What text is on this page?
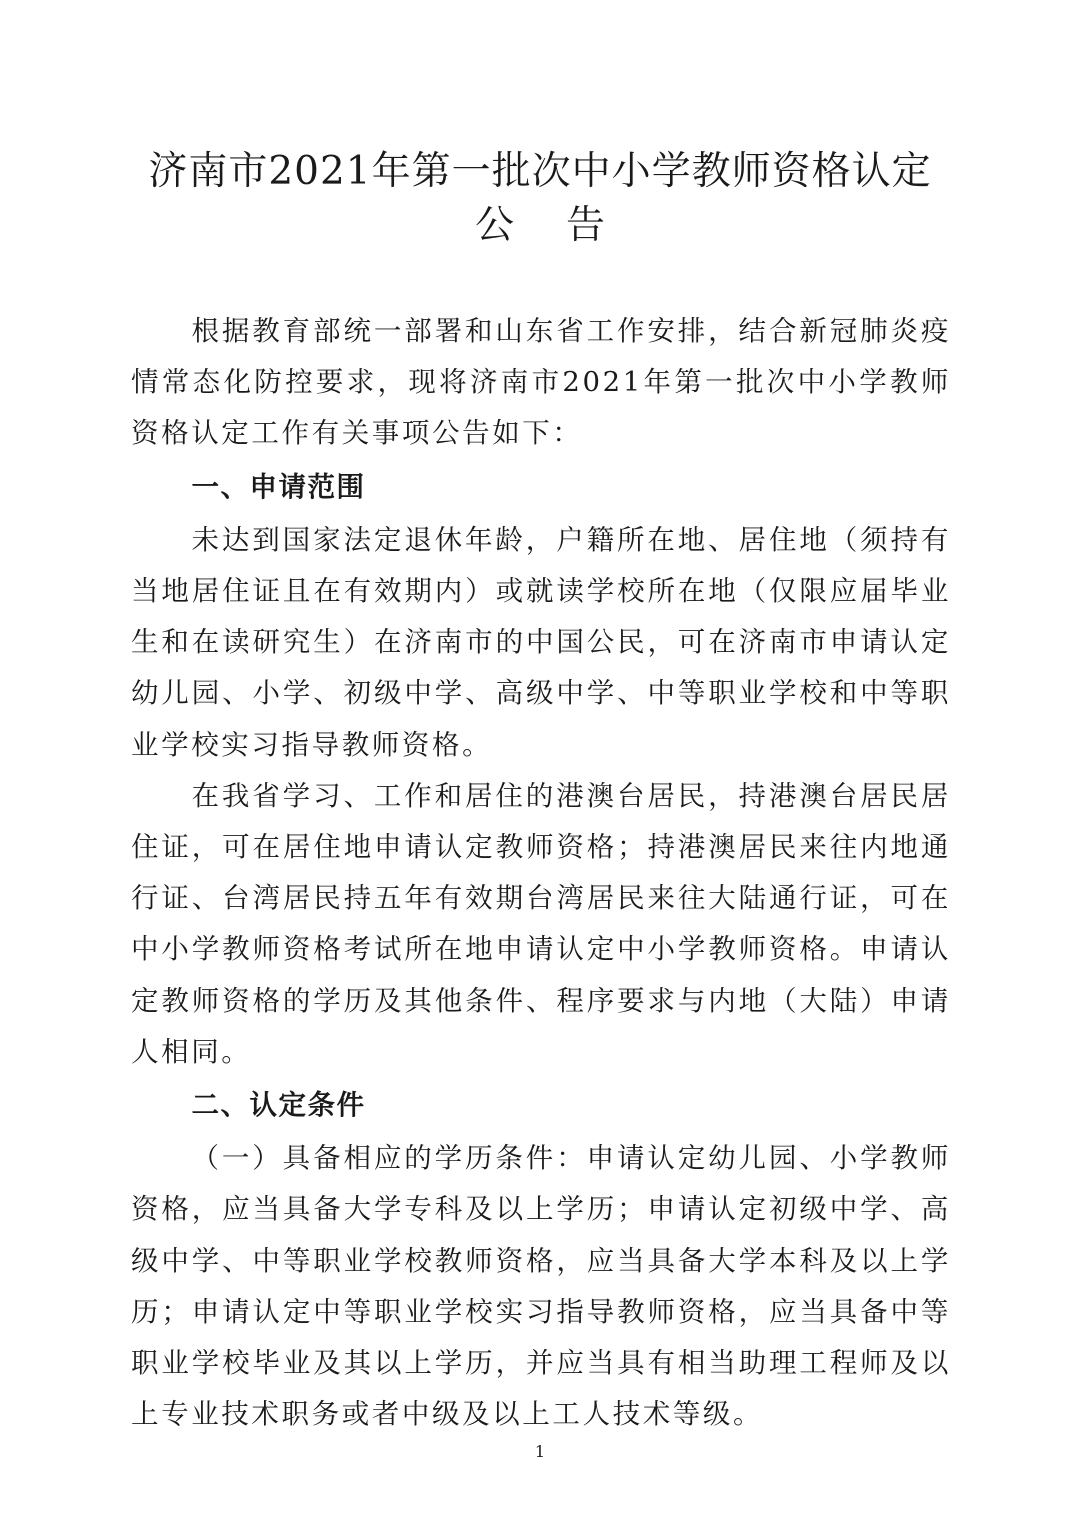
济南市2021年第一批次中小学教师资格认定
公 告

根据教育部统一部署和山东省工作安排，结合新冠肺炎疫情常态化防控要求，现将济南市2021年第一批次中小学教师资格认定工作有关事项公告如下：

一、申请范围

未达到国家法定退休年龄，户籍所在地、居住地（须持有当地居住证且在有效期内）或就读学校所在地（仅限应届毕业生和在读研究生）在济南市的中国公民，可在济南市申请认定幼儿园、小学、初级中学、高级中学、中等职业学校和中等职业学校实习指导教师资格。

在我省学习、工作和居住的港澳台居民，持港澳台居民居住证，可在居住地申请认定教师资格；持港澳居民来往内地通行证、台湾居民持五年有效期台湾居民来往大陆通行证，可在中小学教师资格考试所在地申请认定中小学教师资格。申请认定教师资格的学历及其他条件、程序要求与内地（大陆）申请人相同。

二、认定条件

（一）具备相应的学历条件：申请认定幼儿园、小学教师资格，应当具备大学专科及以上学历；申请认定初级中学、高级中学、中等职业学校教师资格，应当具备大学本科及以上学历；申请认定中等职业学校实习指导教师资格，应当具备中等职业学校毕业及其以上学历，并应当具有相当助理工程师及以上专业技术职务或者中级及以上工人技术等级。

1
